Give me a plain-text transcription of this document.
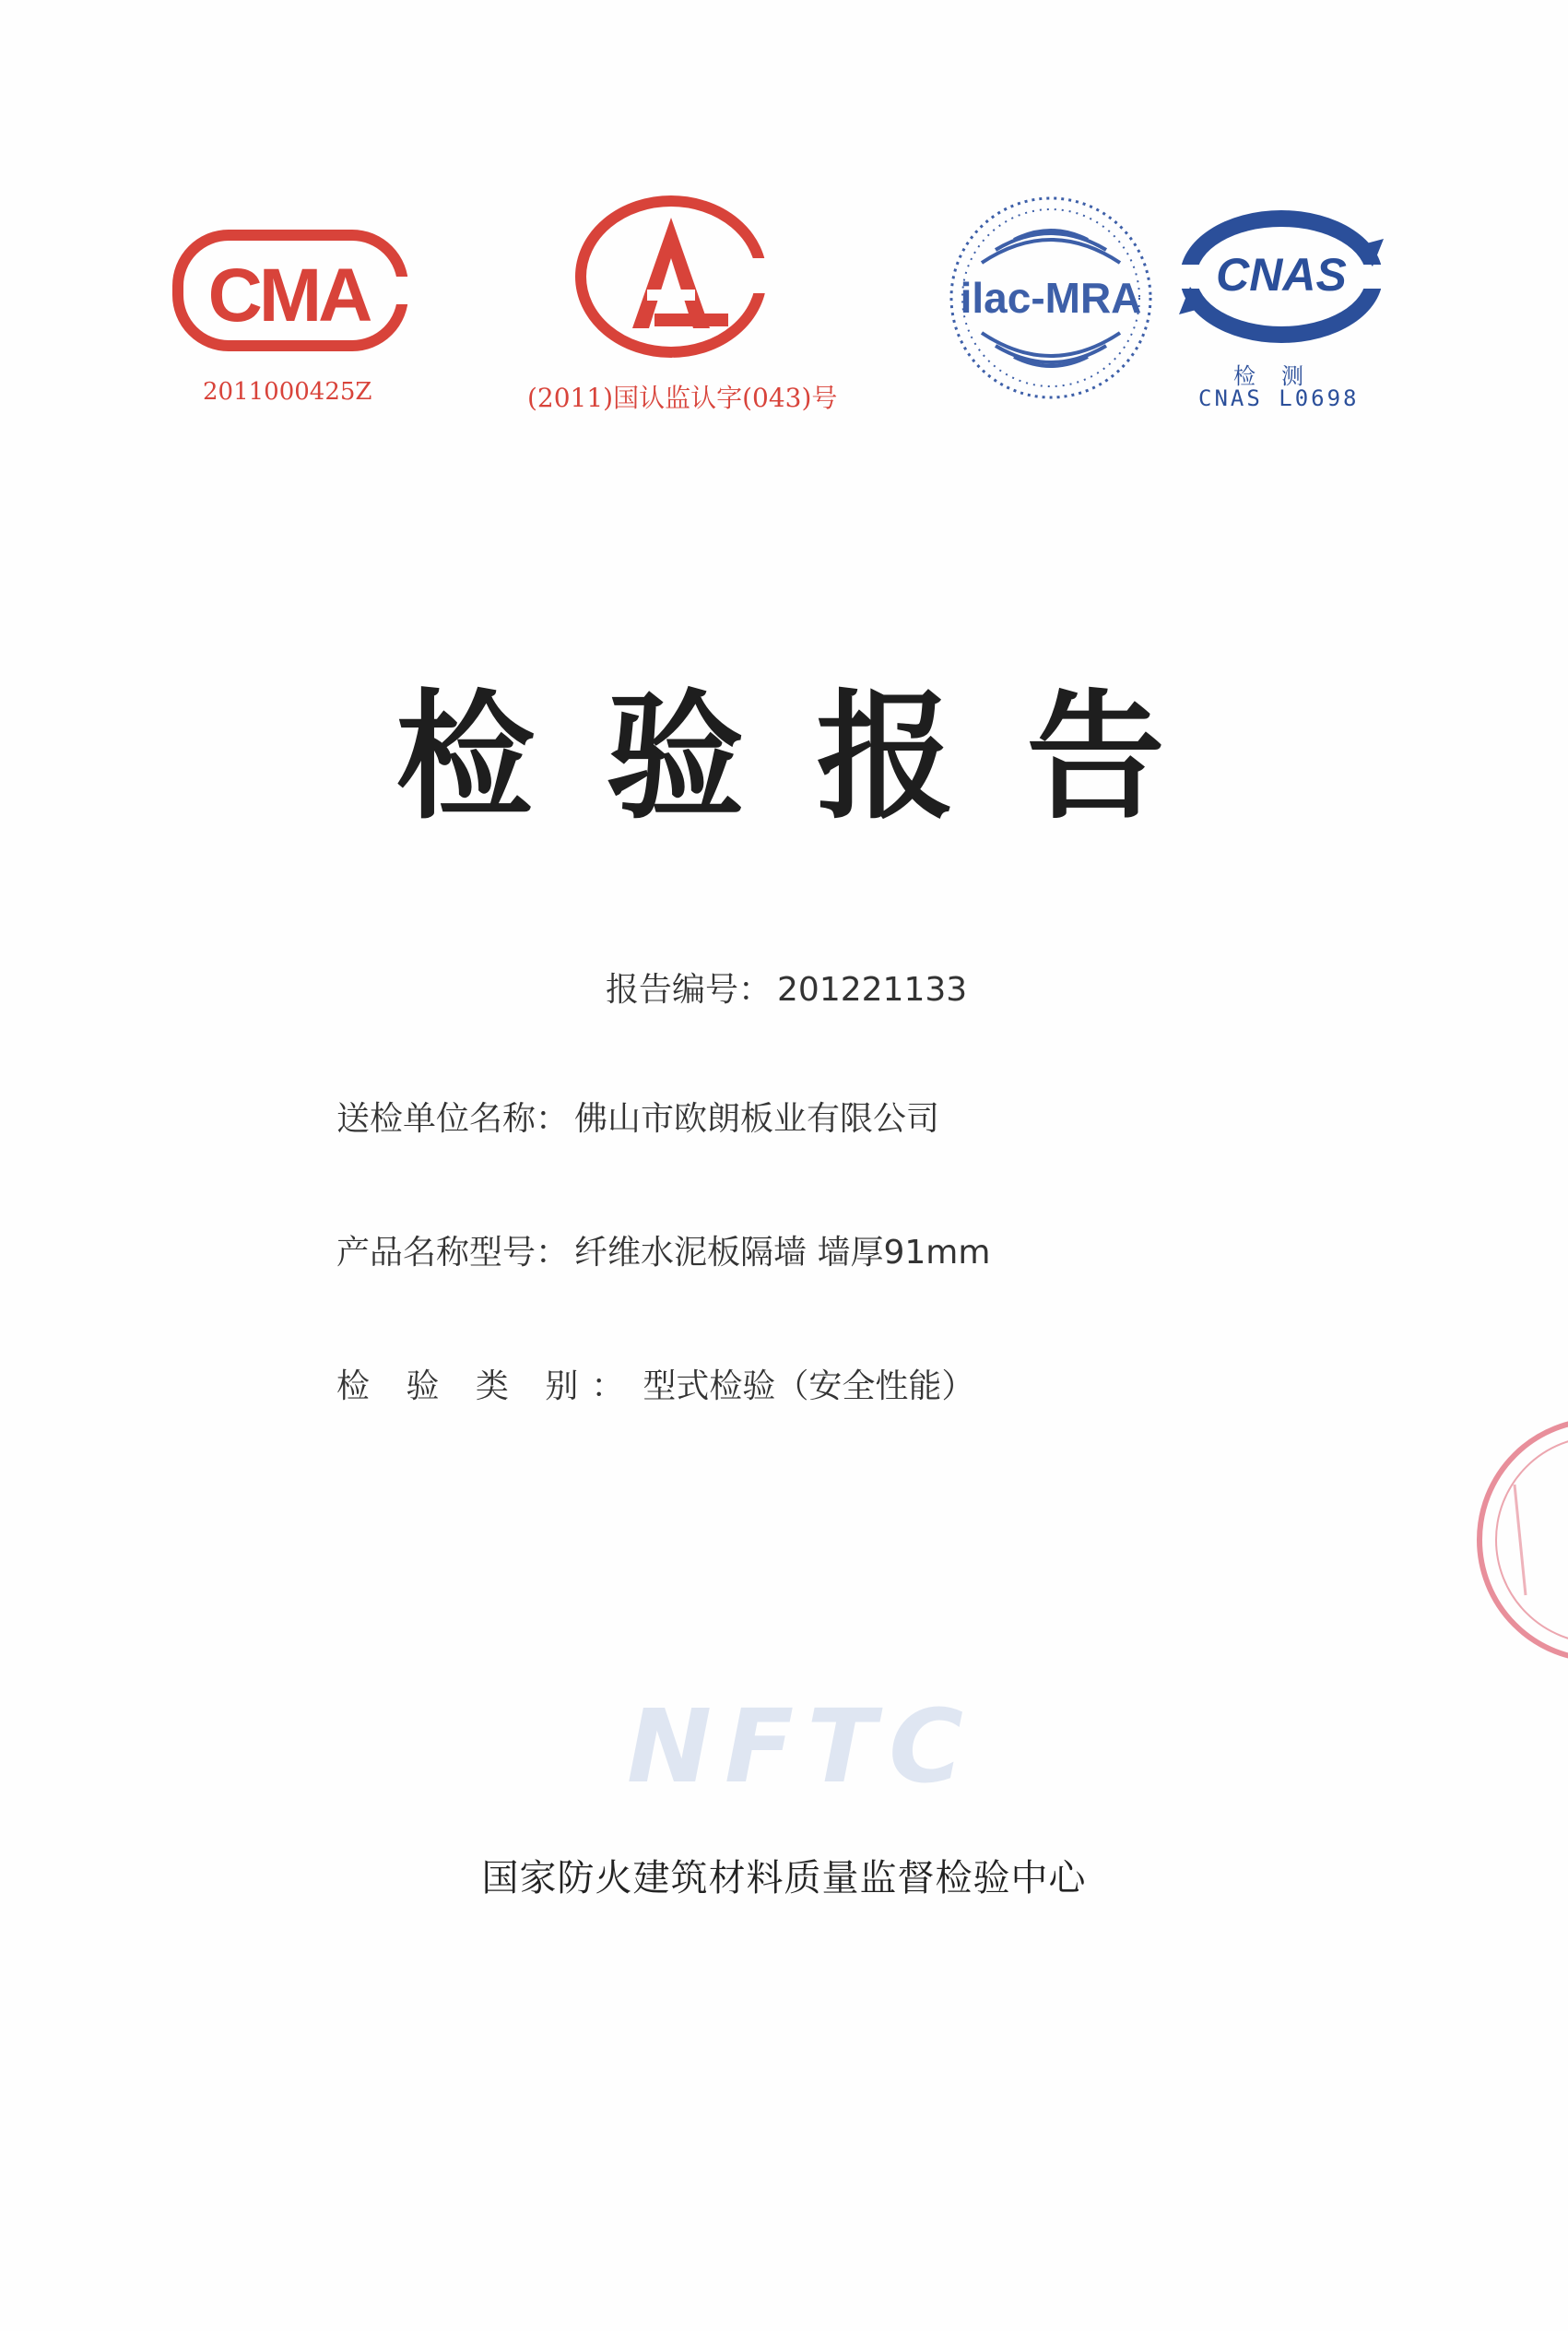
CMA
2011000425Z
CAL
(2011)国认监认字(043)号
ilac-MRA CNAS
检测
CNAS L0698
检验报告
报告编号： 201221133
送检单位名称： 佛山市欧朗板业有限公司
产品名称型号： 纤维水泥板隔墙 墙厚91mm
检 验 类 别： 型式检验（安全性能）
NFTC
国家防火建筑材料质量监督检验中心
